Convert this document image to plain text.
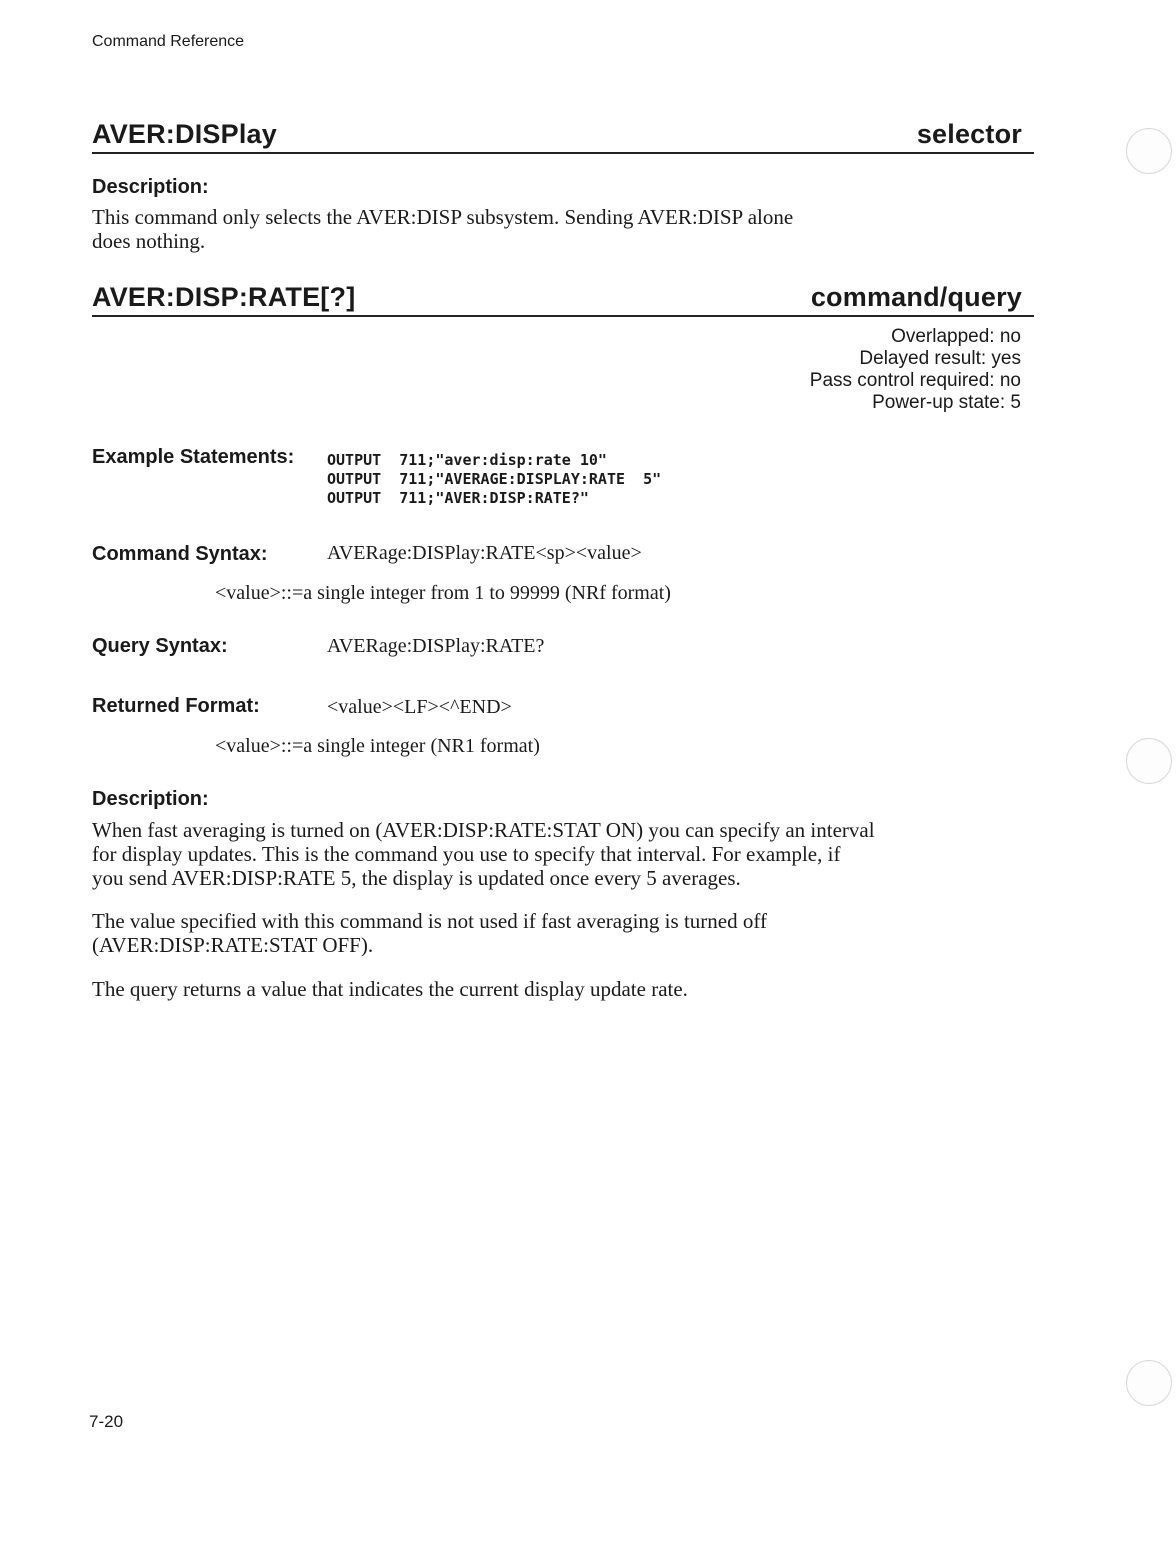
Command Reference
AVER:DISPlay	selector
Description:
This command only selects the AVER:DISP subsystem. Sending AVER:DISP alone
does nothing.
AVER:DISP:RATE[?]	command/query
Overlapped: no
Delayed result: yes
Pass control required: no
Power-up state: 5
Example Statements: OUTPUT  711;"aver:disp:rate 10"
OUTPUT  711;"AVERAGE:DISPLAY:RATE  5"
OUTPUT  711;"AVER:DISP:RATE?"
Command Syntax:	AVERage:DISPlay:RATE<sp><value>
<value>::=a single integer from 1 to 99999 (NRf format)
Query Syntax:	AVERage:DISPlay:RATE?
Returned Format:	<value><LF><^END>
<value>::=a single integer (NR1 format)
Description:
When fast averaging is turned on (AVER:DISP:RATE:STAT ON) you can specify an interval
for display updates. This is the command you use to specify that interval. For example, if
you send AVER:DISP:RATE 5, the display is updated once every 5 averages.
The value specified with this command is not used if fast averaging is turned off
(AVER:DISP:RATE:STAT OFF).
The query returns a value that indicates the current display update rate.
7-20
